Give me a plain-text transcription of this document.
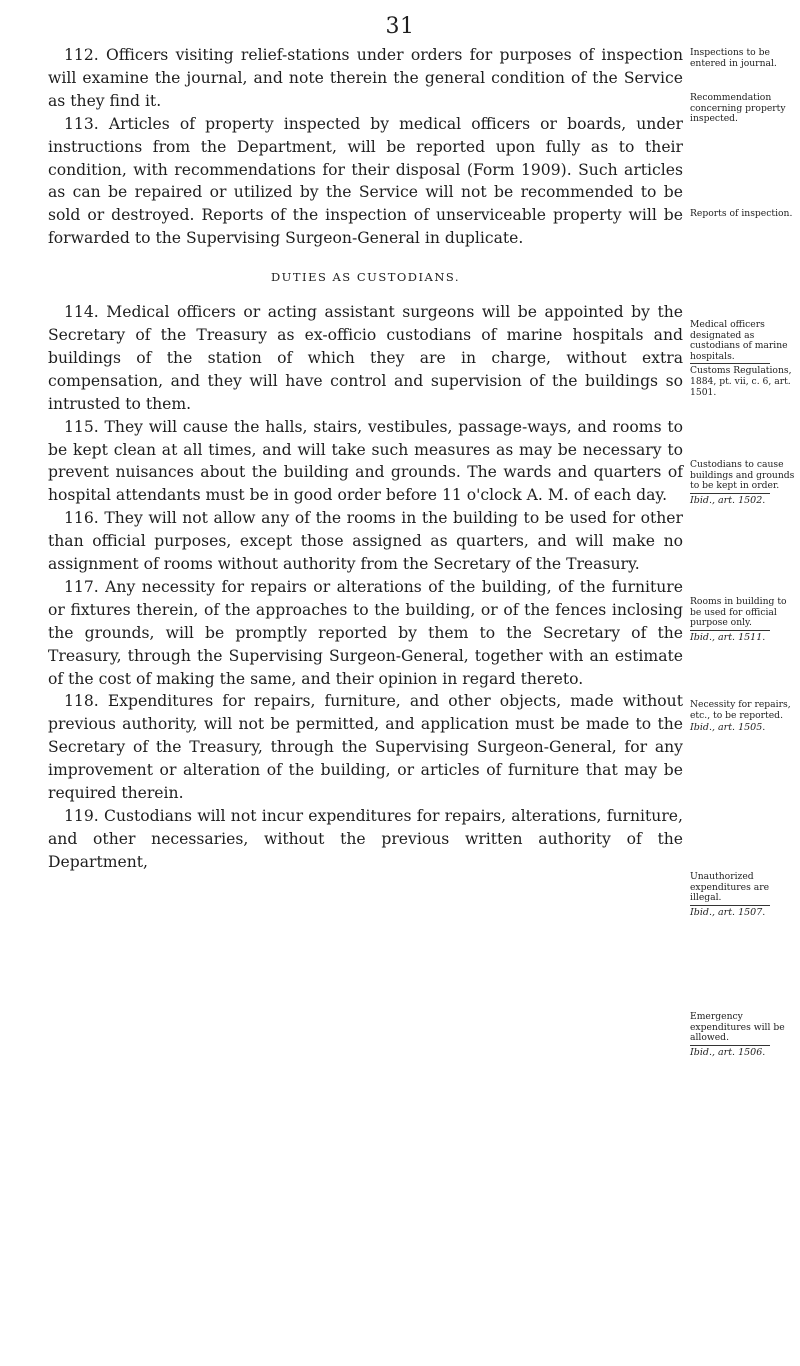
31

112. Officers visiting relief-stations under orders for purposes of inspection will examine the journal, and note therein the general condition of the Service as they find it.

113. Articles of property inspected by medical officers or boards, under instructions from the Department, will be reported upon fully as to their condition, with recommendations for their disposal (Form 1909). Such articles as can be repaired or utilized by the Service will not be recommended to be sold or destroyed. Reports of the inspection of unserviceable property will be forwarded to the Supervising Surgeon-General in duplicate.

DUTIES AS CUSTODIANS.

114. Medical officers or acting assistant surgeons will be appointed by the Secretary of the Treasury as ex-officio custodians of marine hospitals and buildings of the station of which they are in charge, without extra compensation, and they will have control and supervision of the buildings so intrusted to them.

115. They will cause the halls, stairs, vestibules, passage-ways, and rooms to be kept clean at all times, and will take such measures as may be necessary to prevent nuisances about the building and grounds. The wards and quarters of hospital attendants must be in good order before 11 o'clock A. M. of each day.

116. They will not allow any of the rooms in the building to be used for other than official purposes, except those assigned as quarters, and will make no assignment of rooms without authority from the Secretary of the Treasury.

117. Any necessity for repairs or alterations of the building, of the furniture or fixtures therein, of the approaches to the building, or of the fences inclosing the grounds, will be promptly reported by them to the Secretary of the Treasury, through the Supervising Surgeon-General, together with an estimate of the cost of making the same, and their opinion in regard thereto.

118. Expenditures for repairs, furniture, and other objects, made without previous authority, will not be permitted, and application must be made to the Secretary of the Treasury, through the Supervising Surgeon-General, for any improvement or alteration of the building, or articles of furniture that may be required therein.

119. Custodians will not incur expenditures for repairs, alterations, furniture, and other necessaries, without the previous written authority of the Department,

Inspections to be entered in journal.
Recommendation concerning property inspected.
Reports of inspection.
Medical officers designated as custodians of marine hospitals.
Customs Regulations, 1884, pt. vii, c. 6, art. 1501.
Custodians to cause buildings and grounds to be kept in order.
Ibid., art. 1502.
Rooms in building to be used for official purpose only.
Ibid., art. 1511.
Necessity for repairs, etc., to be reported.
Ibid., art. 1505.
Unauthorized expenditures are illegal.
Ibid., art. 1507.
Emergency expenditures will be allowed.
Ibid., art. 1506.
